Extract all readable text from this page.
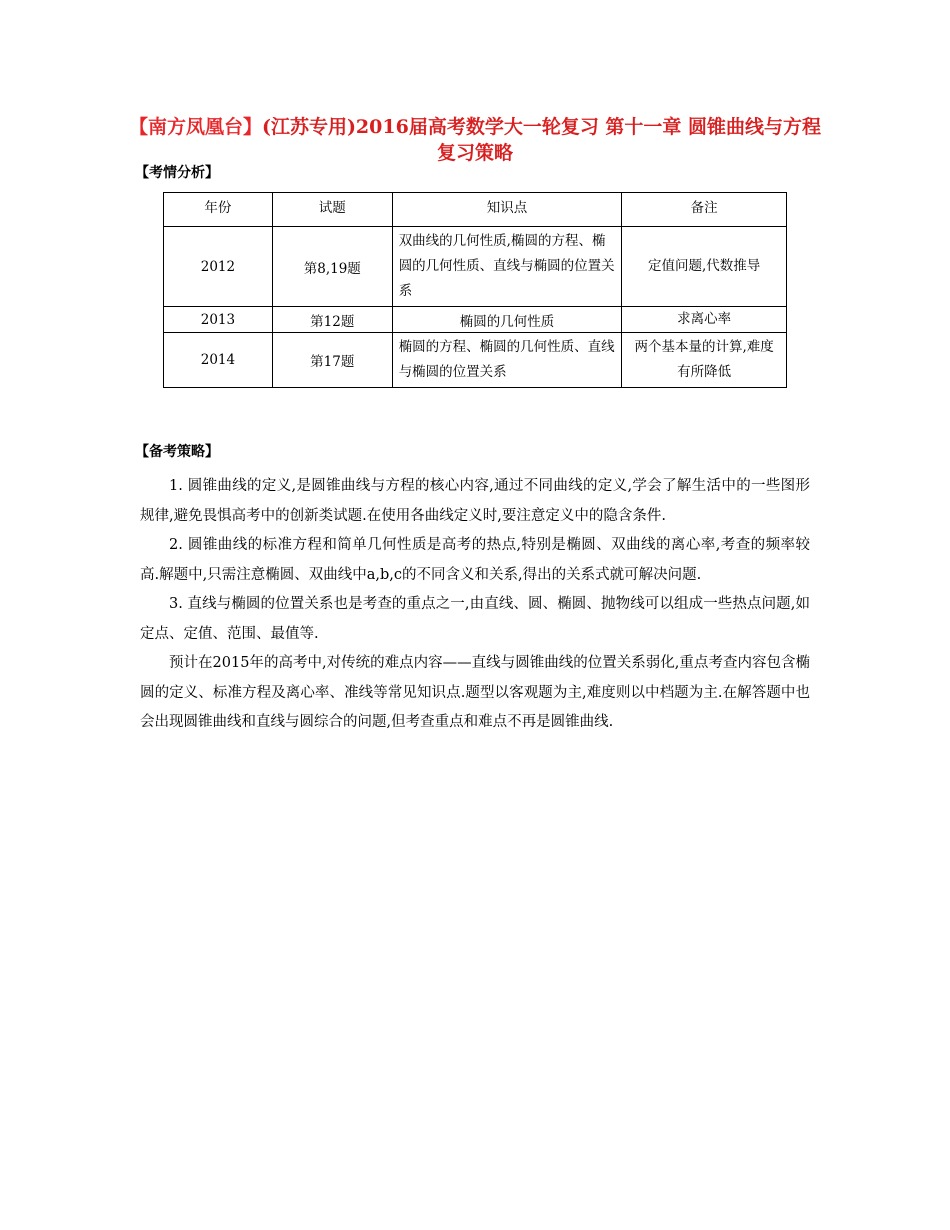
【南方凤凰台】(江苏专用)2016届高考数学大一轮复习 第十一章 圆锥曲线与方程复习策略
【考情分析】
年份	试题	知识点	备注
2012	第8,19题	双曲线的几何性质,椭圆的方程、椭圆的几何性质、直线与椭圆的位置关系	定值问题,代数推导
2013	第12题	椭圆的几何性质	求离心率
2014	第17题	椭圆的方程、椭圆的几何性质、直线与椭圆的位置关系	两个基本量的计算,难度有所降低
【备考策略】

1. 圆锥曲线的定义,是圆锥曲线与方程的核心内容,通过不同曲线的定义,学会了解生活中的一些图形规律,避免畏惧高考中的创新类试题.在使用各曲线定义时,要注意定义中的隐含条件.

2. 圆锥曲线的标准方程和简单几何性质是高考的热点,特别是椭圆、双曲线的离心率,考查的频率较高.解题中,只需注意椭圆、双曲线中a,b,c的不同含义和关系,得出的关系式就可解决问题.

3. 直线与椭圆的位置关系也是考查的重点之一,由直线、圆、椭圆、抛物线可以组成一些热点问题,如定点、定值、范围、最值等.

预计在2015年的高考中,对传统的难点内容——直线与圆锥曲线的位置关系弱化,重点考查内容包含椭圆的定义、标准方程及离心率、准线等常见知识点.题型以客观题为主,难度则以中档题为主.在解答题中也会出现圆锥曲线和直线与圆综合的问题,但考查重点和难点不再是圆锥曲线.
